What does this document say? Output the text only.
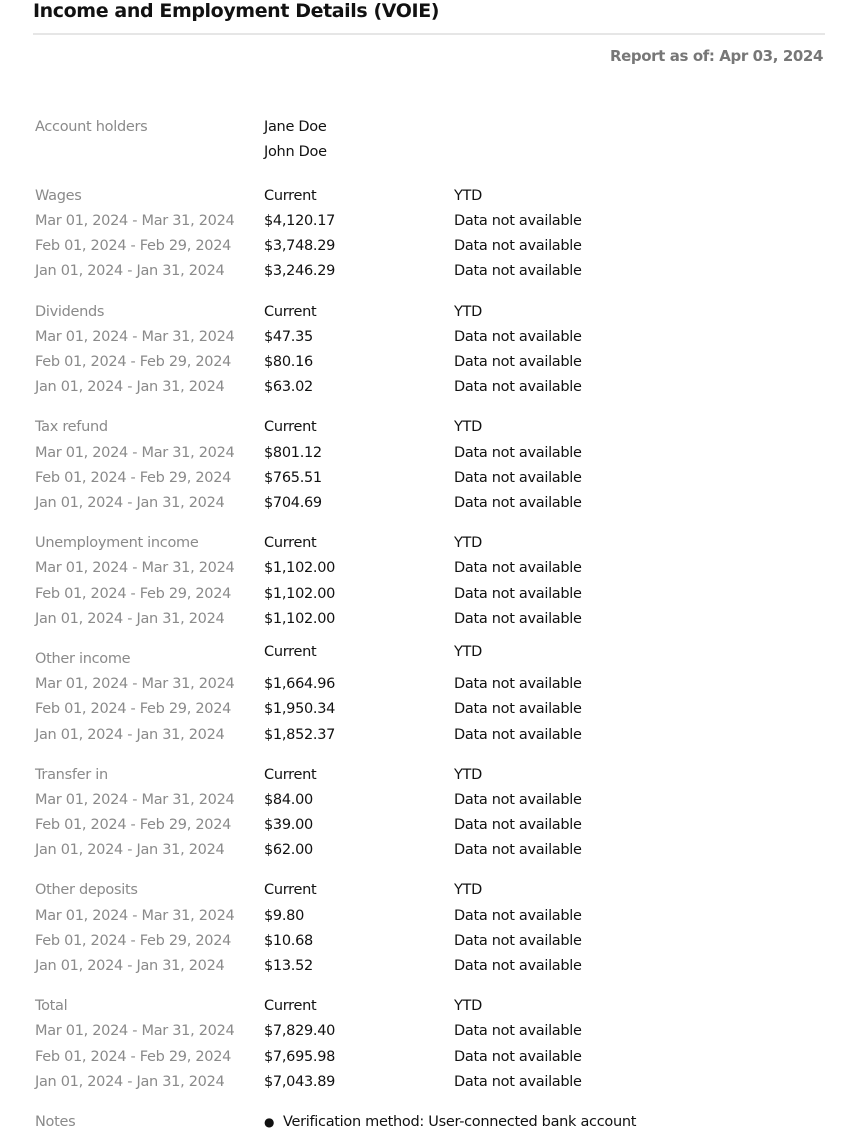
Income and Employment Details (VOIE)
Report as of: Apr 03, 2024
Account holders	Jane Doe
John Doe
Wages	Current	YTD
Mar 01, 2024 - Mar 31, 2024 $4,120.17	Data not available
Feb 01, 2024 - Feb 29, 2024 $3,748.29	Data not available
Jan 01, 2024 - Jan 31, 2024	$3,246.29	Data not available
Dividends	Current	YTD
Mar 01, 2024 - Mar 31, 2024 $47.35	Data not available
Feb 01, 2024 - Feb 29, 2024 $80.16	Data not available
Jan 01, 2024 - Jan 31, 2024	$63.02	Data not available
Tax refund	Current	YTD
Mar 01, 2024 - Mar 31, 2024 $801.12	Data not available
Feb 01, 2024 - Feb 29, 2024 $765.51	Data not available
Jan 01, 2024 - Jan 31, 2024	$704.69	Data not available
Unemployment income	Current	YTD
Mar 01, 2024 - Mar 31, 2024 $1,102.00	Data not available
Feb 01, 2024 - Feb 29, 2024 $1,102.00	Data not available
Jan 01, 2024 - Jan 31, 2024	$1,102.00	Data not available
Other income	Current	YTD
Mar 01, 2024 - Mar 31, 2024 $1,664.96	Data not available
Feb 01, 2024 - Feb 29, 2024 $1,950.34	Data not available
Jan 01, 2024 - Jan 31, 2024	$1,852.37	Data not available
Transfer in	Current	YTD
Mar 01, 2024 - Mar 31, 2024 $84.00	Data not available
Feb 01, 2024 - Feb 29, 2024 $39.00	Data not available
Jan 01, 2024 - Jan 31, 2024	$62.00	Data not available
Other deposits	Current	YTD
Mar 01, 2024 - Mar 31, 2024 $9.80	Data not available
Feb 01, 2024 - Feb 29, 2024 $10.68	Data not available
Jan 01, 2024 - Jan 31, 2024	$13.52	Data not available
Total	Current	YTD
Mar 01, 2024 - Mar 31, 2024 $7,829.40	Data not available
Feb 01, 2024 - Feb 29, 2024 $7,695.98	Data not available
Jan 01, 2024 - Jan 31, 2024	$7,043.89	Data not available
Notes	● Verification method: User-connected bank account
